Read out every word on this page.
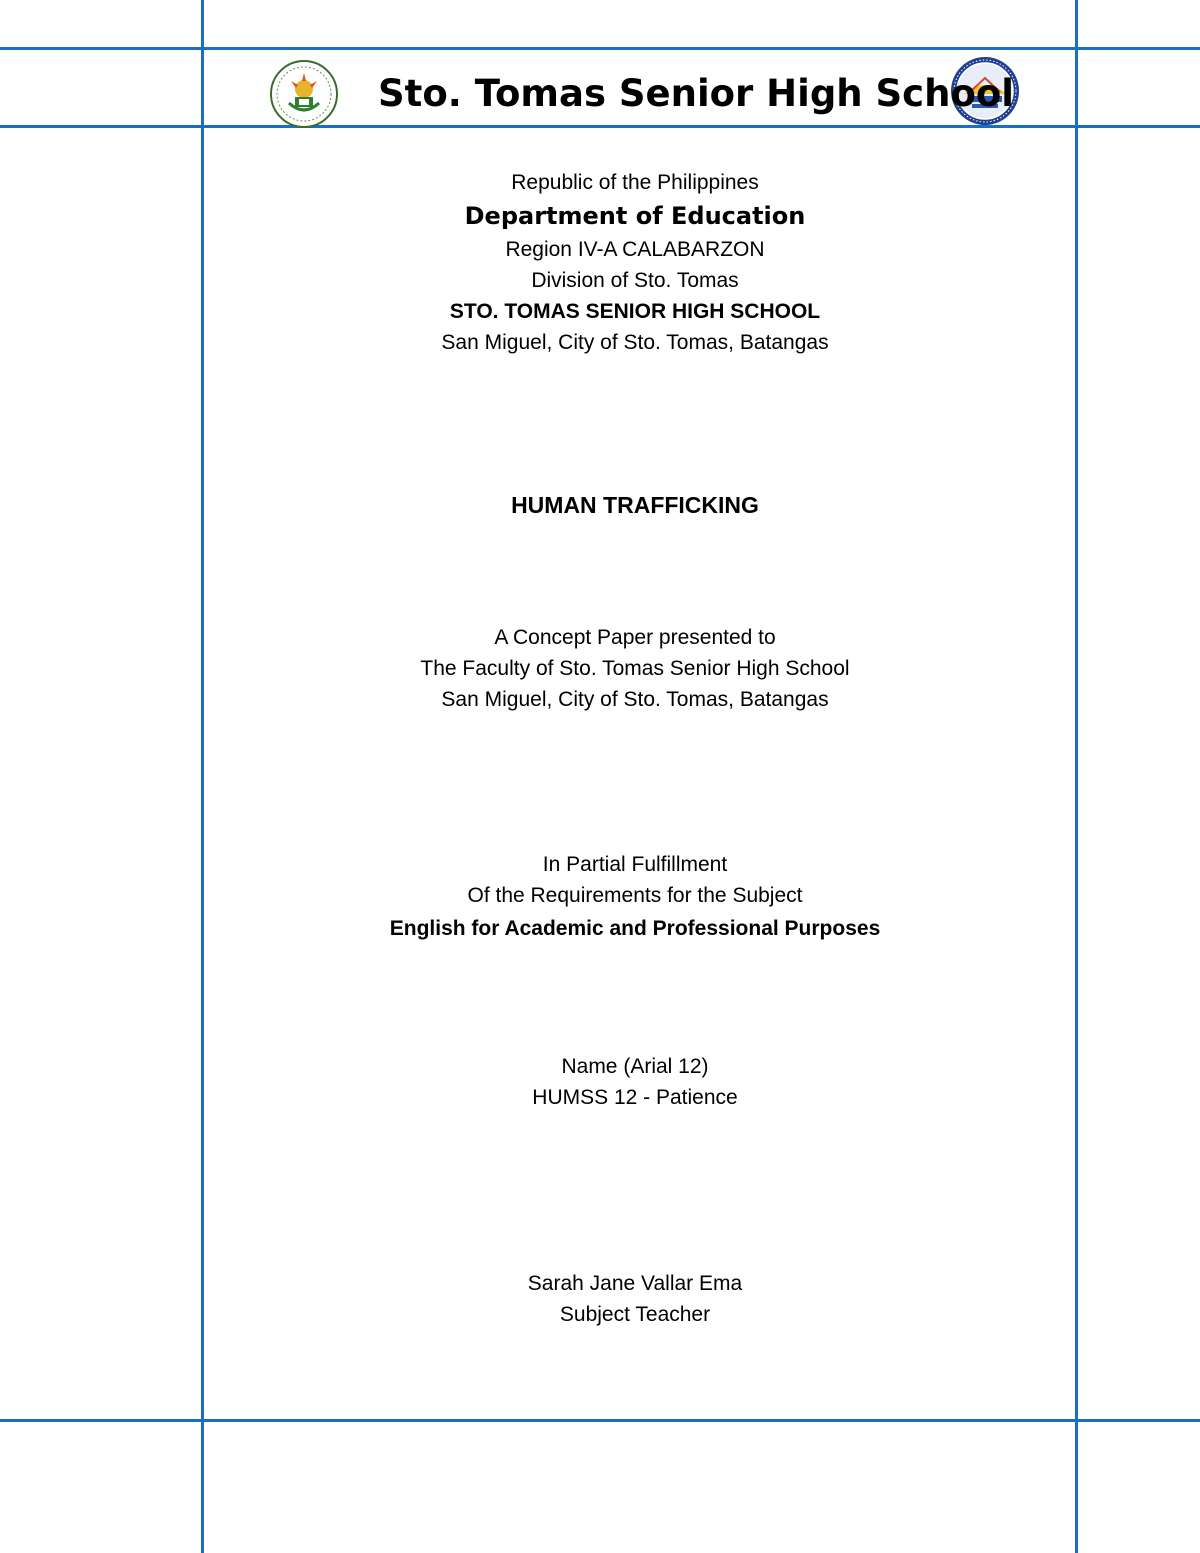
Sto. Tomas Senior High School
Republic of the Philippines
Department of Education
Region IV-A CALABARZON
Division of Sto. Tomas
STO. TOMAS SENIOR HIGH SCHOOL
San Miguel, City of Sto. Tomas, Batangas
HUMAN TRAFFICKING
A Concept Paper presented to
The Faculty of Sto. Tomas Senior High School
San Miguel, City of Sto. Tomas, Batangas
In Partial Fulfillment
Of the Requirements for the Subject
English for Academic and Professional Purposes
Name (Arial 12)
HUMSS 12 - Patience
Sarah Jane Vallar Ema
Subject Teacher
